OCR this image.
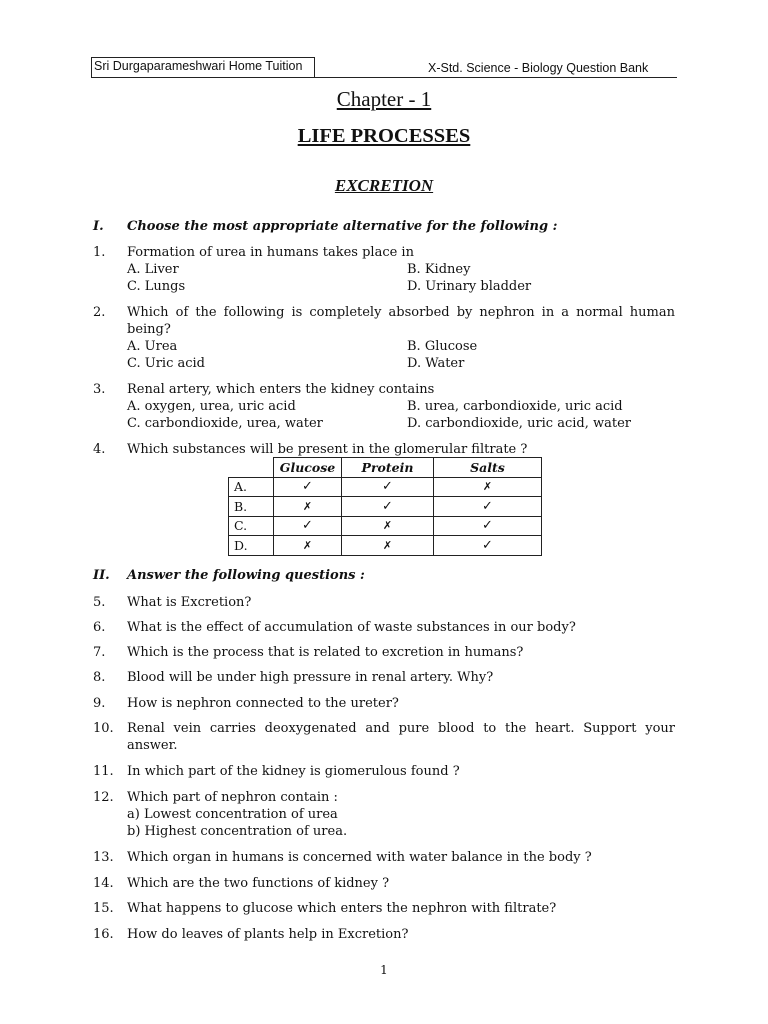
Sri Durgaparameshwari Home Tuition	X-Std. Science - Biology Question Bank
Chapter - 1
LIFE PROCESSES
EXCRETION
I. Choose the most appropriate alternative for the following :
1. Formation of urea in humans takes place in
A. Liver	B. Kidney
C. Lungs	D. Urinary bladder
2. Which of the following is completely absorbed by nephron in a normal human
being?
A. Urea	B. Glucose
C. Uric acid	D. Water
3. Renal artery, which enters the kidney contains
A. oxygen, urea, uric acid	B. urea, carbondioxide, uric acid
C. carbondioxide, urea, water	D. carbondioxide, uric acid, water
4. Which substances will be present in the glomerular filtrate ?
	Glucose	Protein	Salts
A.	✓	✓	✗
B.	✗	✓	✓
C.	✓	✗	✓
D.	✗	✗	✓
II. Answer the following questions :
5. What is Excretion?
6. What is the effect of accumulation of waste substances in our body?
7. Which is the process that is related to excretion in humans?
8. Blood will be under high pressure in renal artery. Why?
9. How is nephron connected to the ureter?
10. Renal vein carries deoxygenated and pure blood to the heart. Support your
answer.
11. In which part of the kidney is giomerulous found ?
12. Which part of nephron contain :
a) Lowest concentration of urea
b) Highest concentration of urea.
13. Which organ in humans is concerned with water balance in the body ?
14. Which are the two functions of kidney ?
15. What happens to glucose which enters the nephron with filtrate?
16. How do leaves of plants help in Excretion?
1
